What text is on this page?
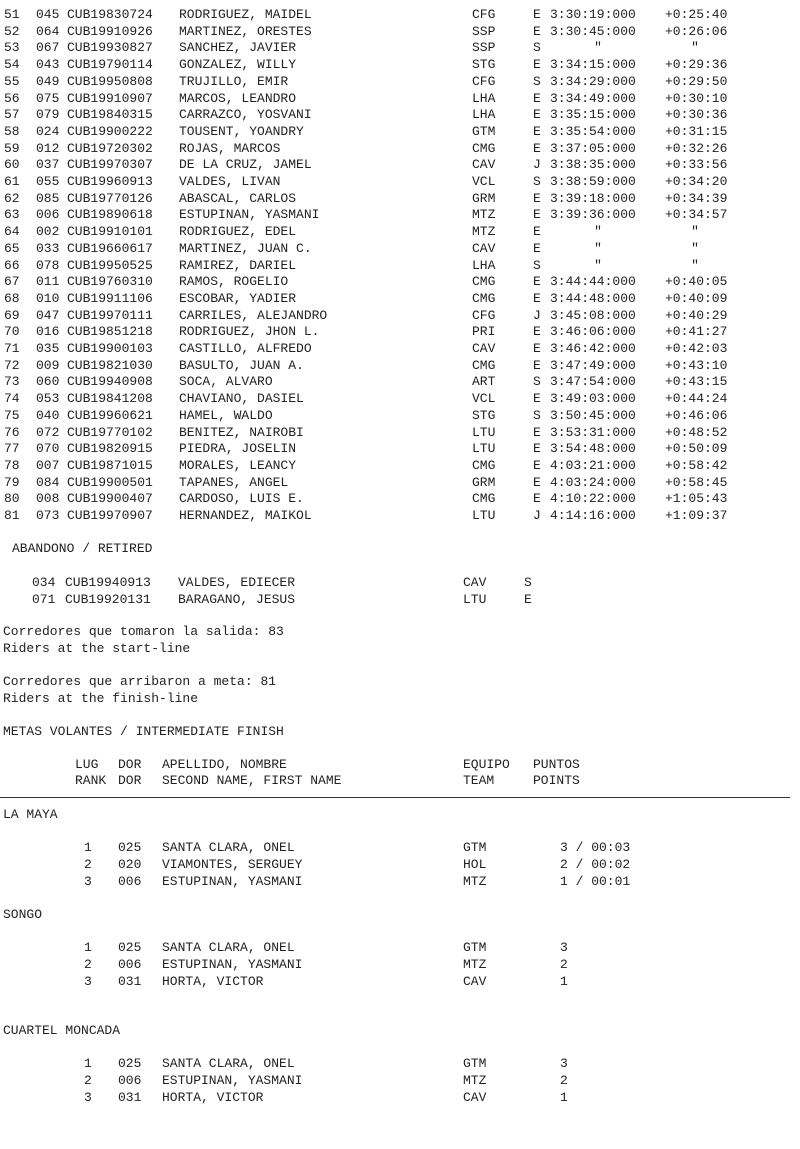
51 045 CUB19830724 RODRIGUEZ, MAIDEL	CFG	E 3:30:19:000 +0:25:40
52 064 CUB19910926 MARTINEZ, ORESTES	SSP	E 3:30:45:000 +0:26:06
53 067 CUB19930827 SANCHEZ, JAVIER	SSP	S	"	"
54 043 CUB19790114 GONZALEZ, WILLY	STG	E 3:34:15:000 +0:29:36
55 049 CUB19950808 TRUJILLO, EMIR	CFG	S 3:34:29:000 +0:29:50
56 075 CUB19910907 MARCOS, LEANDRO	LHA	E 3:34:49:000 +0:30:10
57 079 CUB19840315 CARRAZCO, YOSVANI	LHA	E 3:35:15:000 +0:30:36
58 024 CUB19900222 TOUSENT, YOANDRY	GTM	E 3:35:54:000 +0:31:15
59 012 CUB19720302 ROJAS, MARCOS	CMG	E 3:37:05:000 +0:32:26
60 037 CUB19970307 DE LA CRUZ, JAMEL	CAV	J 3:38:35:000 +0:33:56
61 055 CUB19960913 VALDES, LIVAN	VCL	S 3:38:59:000 +0:34:20
62 085 CUB19770126 ABASCAL, CARLOS	GRM	E 3:39:18:000 +0:34:39
63 006 CUB19890618 ESTUPINAN, YASMANI	MTZ	E 3:39:36:000 +0:34:57
64 002 CUB19910101 RODRIGUEZ, EDEL	MTZ	E	"	"
65 033 CUB19660617 MARTINEZ, JUAN C.	CAV	E	"	"
66 078 CUB19950525 RAMIREZ, DARIEL	LHA	S	"	"
67 011 CUB19760310 RAMOS, ROGELIO	CMG	E 3:44:44:000 +0:40:05
68 010 CUB19911106 ESCOBAR, YADIER	CMG	E 3:44:48:000 +0:40:09
69 047 CUB19970111 CARRILES, ALEJANDRO	CFG	J 3:45:08:000 +0:40:29
70 016 CUB19851218 RODRIGUEZ, JHON L.	PRI	E 3:46:06:000 +0:41:27
71 035 CUB19900103 CASTILLO, ALFREDO	CAV	E 3:46:42:000 +0:42:03
72 009 CUB19821030 BASULTO, JUAN A.	CMG	E 3:47:49:000 +0:43:10
73 060 CUB19940908 SOCA, ALVARO	ART	S 3:47:54:000 +0:43:15
74 053 CUB19841208 CHAVIANO, DASIEL	VCL	E 3:49:03:000 +0:44:24
75 040 CUB19960621 HAMEL, WALDO	STG	S 3:50:45:000 +0:46:06
76 072 CUB19770102 BENITEZ, NAIROBI	LTU	E 3:53:31:000 +0:48:52
77 070 CUB19820915 PIEDRA, JOSELIN	LTU	E 3:54:48:000 +0:50:09
78 007 CUB19871015 MORALES, LEANCY	CMG	E 4:03:21:000 +0:58:42
79 084 CUB19900501 TAPANES, ANGEL	GRM	E 4:03:24:000 +0:58:45
80 008 CUB19900407 CARDOSO, LUIS E.	CMG	E 4:10:22:000 +1:05:43
81 073 CUB19970907 HERNANDEZ, MAIKOL	LTU	J 4:14:16:000 +1:09:37
ABANDONO / RETIRED
034 CUB19940913 VALDES, EDIECER	CAV	S
071 CUB19920131 BARAGANO, JESUS	LTU	E
Corredores que tomaron la salida: 83
Riders at the start-line
Corredores que arribaron a meta: 81
Riders at the finish-line
METAS VOLANTES / INTERMEDIATE FINISH
LUG DOR APELLIDO, NOMBRE	EQUIPO PUNTOS
RANK DOR SECOND NAME, FIRST NAME	TEAM	POINTS
LA MAYA
1 025 SANTA CLARA, ONEL	GTM	3 / 00:03
2 020 VIAMONTES, SERGUEY	HOL	2 / 00:02
3 006 ESTUPINAN, YASMANI	MTZ	1 / 00:01
SONGO
1 025 SANTA CLARA, ONEL	GTM	3
2 006 ESTUPINAN, YASMANI	MTZ	2
3 031 HORTA, VICTOR	CAV	1
CUARTEL MONCADA
1 025 SANTA CLARA, ONEL	GTM	3
2 006 ESTUPINAN, YASMANI	MTZ	2
3 031 HORTA, VICTOR	CAV	1
